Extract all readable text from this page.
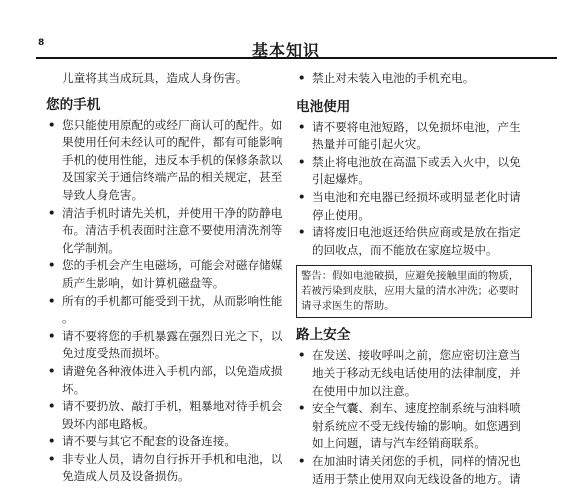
8	基本知识
儿童将其当成玩具，造成人身伤害。
您的手机
• 您只能使用原配的或经厂商认可的配件。如果使用任何未经认可的配件，都有可能影响手机的使用性能，违反本手机的保修条款以及国家关于通信终端产品的相关规定，甚至导致人身危害。
• 清洁手机时请先关机，并使用干净的防静电布。清洁手机表面时注意不要使用清洗剂等化学制剂。
• 您的手机会产生电磁场，可能会对磁存储媒质产生影响，如计算机磁盘等。
• 所有的手机都可能受到干扰，从而影响性能 。
• 请不要将您的手机暴露在强烈日光之下，以免过度受热而损坏。
• 请避免各种液体进入手机内部，以免造成损坏。
• 请不要扔放、敲打手机，粗暴地对待手机会毁坏内部电路板。
• 请不要与其它不配套的设备连接。
• 非专业人员，请勿自行拆开手机和电池，以免造成人员及设备损伤。
• 禁止对未装入电池的手机充电。
电池使用
• 请不要将电池短路，以免损坏电池，产生热量并可能引起火灾。
• 禁止将电池放在高温下或丢入火中，以免引起爆炸。
• 当电池和充电器已经损坏或明显老化时请停止使用。
• 请将废旧电池返还给供应商或是放在指定的回收点，而不能放在家庭垃圾中。
警告：假如电池破损，应避免接触里面的物质，若被污染到皮肤，应用大量的清水冲洗；必要时请寻求医生的帮助。
路上安全
• 在发送、接收呼叫之前，您应密切注意当地关于移动无线电话使用的法律制度，并在使用中加以注意。
• 安全气囊、刹车、速度控制系统与油料喷射系统应不受无线传输的影响。如您遇到如上问题，请与汽车经销商联系。
• 在加油时请关闭您的手机，同样的情况也适用于禁止使用双向无线设备的地方。请
